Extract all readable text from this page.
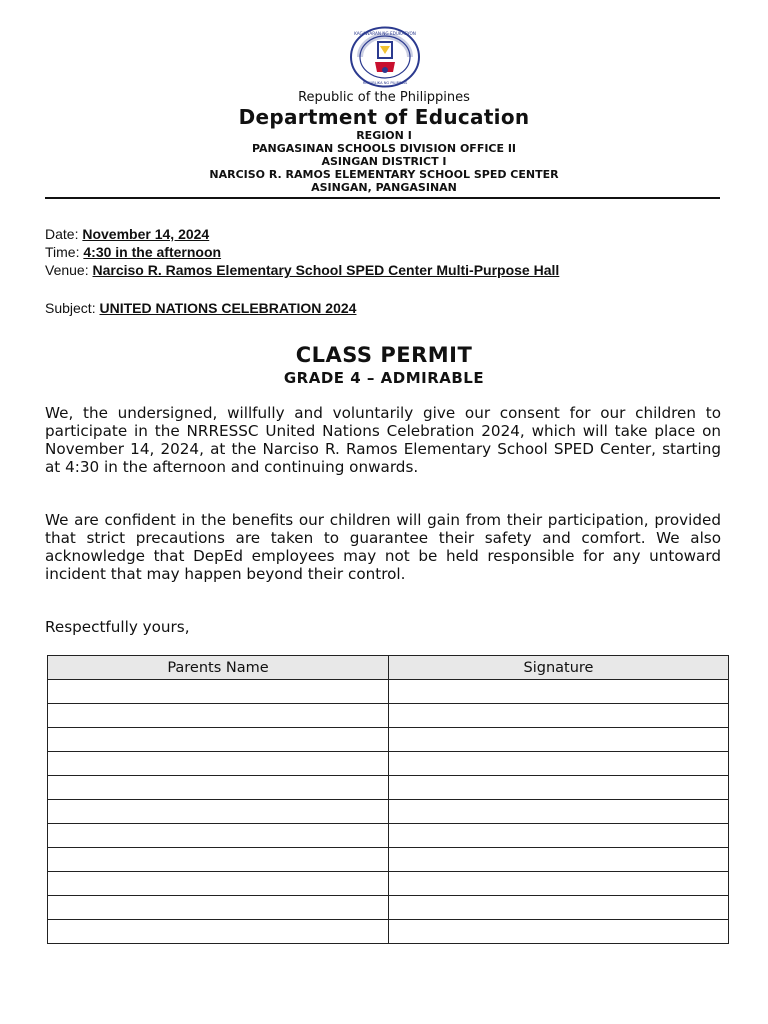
KAGAWARAN NG EDUKASYON
REPUBLIKA NG PILIPINAS
Republic of the Philippines
Department of Education
REGION I
PANGASINAN SCHOOLS DIVISION OFFICE II
ASINGAN DISTRICT I
NARCISO R. RAMOS ELEMENTARY SCHOOL SPED CENTER
ASINGAN, PANGASINAN
Date: November 14, 2024
Time: 4:30 in the afternoon
Venue: Narciso R. Ramos Elementary School SPED Center Multi-Purpose Hall
Subject: UNITED NATIONS CELEBRATION 2024
CLASS PERMIT
GRADE 4 – ADMIRABLE
We, the undersigned, willfully and voluntarily give our consent for our children to participate in the NRRESSC United Nations Celebration 2024, which will take place on November 14, 2024, at the Narciso R. Ramos Elementary School SPED Center, starting at 4:30 in the afternoon and continuing onwards.
We are confident in the benefits our children will gain from their participation, provided that strict precautions are taken to guarantee their safety and comfort. We also acknowledge that DepEd employees may not be held responsible for any untoward incident that may happen beyond their control.
Respectfully yours,
Parents Name	Signature
